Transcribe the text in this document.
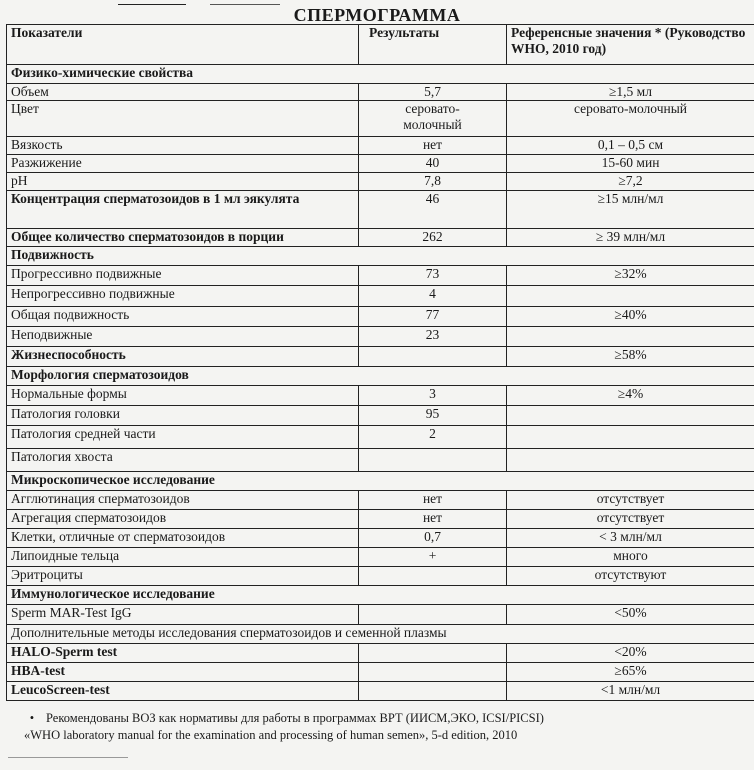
СПЕРМОГРАММА
Показатели	Результаты	Референсные значения * (Руководство WHO, 2010 год)
Физико-химические свойства		
Объем	5,7	≥1,5 мл
Цвет	серовато-молочный	серовато-молочный
Вязкость	нет	0,1 – 0,5 см
Разжижение	40	15-60 мин
pH	7,8	≥7,2
Концентрация сперматозоидов в 1 мл эякулята	46	≥15 млн/мл
Общее количество сперматозоидов в порции	262	≥ 39 млн/мл
Подвижность		
Прогрессивно подвижные	73	≥32%
Непрогрессивно подвижные	4	
Общая подвижность	77	≥40%
Неподвижные	23	
Жизнеспособность		≥58%
Морфология сперматозоидов		
Нормальные формы	3	≥4%
Патология головки	95	
Патология средней части	2	
Патология хвоста		
Микроскопическое исследование		
Агглютинация сперматозоидов	нет	отсутствует
Агрегация сперматозоидов	нет	отсутствует
Клетки, отличные от сперматозоидов	0,7	< 3 млн/мл
Липоидные тельца	+	много
Эритроциты		отсутствуют
Иммунологическое исследование		
Sperm MAR-Test IgG		<50%
Дополнительные методы исследования сперматозоидов и семенной плазмы		
HALO-Sperm test		<20%
HBA-test		≥65%
LeucoScreen-test		<1 млн/мл
• Рекомендованы ВОЗ как нормативы для работы в программах ВРТ (ИИСМ,ЭКО, ICSI/PICSI)
«WHO laboratory manual for the examination and processing of human semen», 5-d edition, 2010
